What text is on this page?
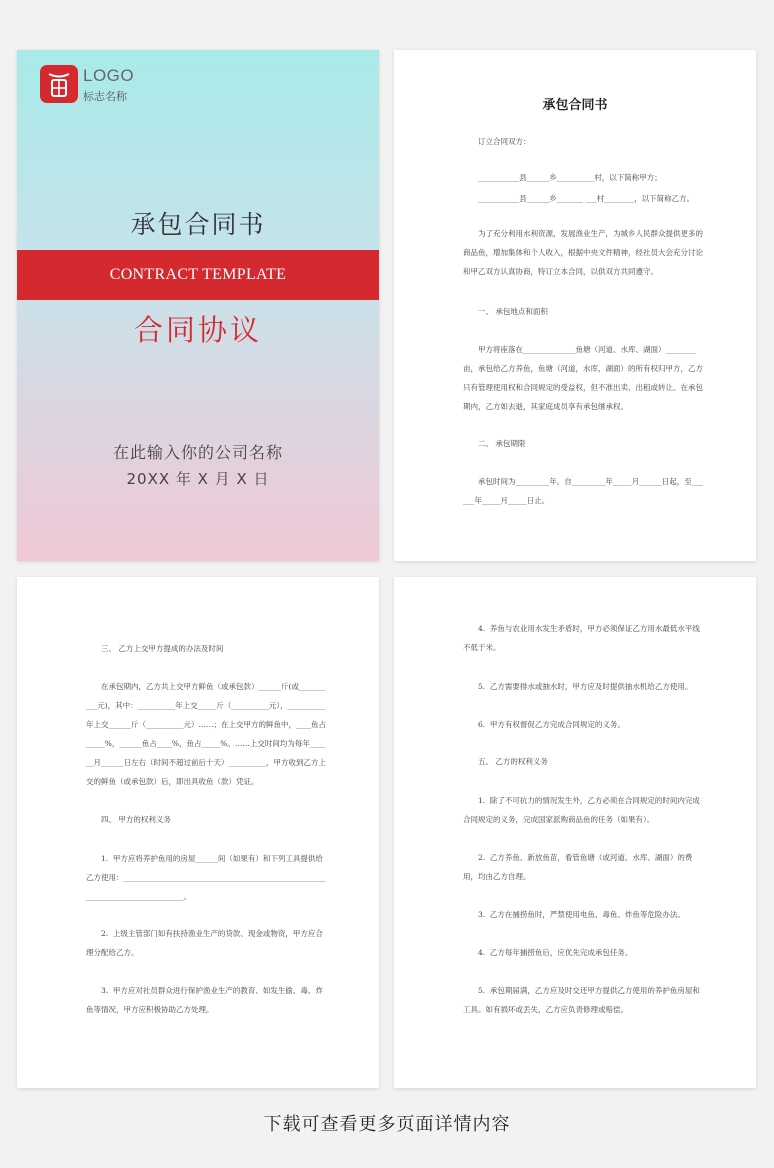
LOGO
标志名称
承包合同书
CONTRACT TEMPLATE
合同协议
在此输入你的公司名称
20XX 年 X 月 X 日
承包合同书
订立合同双方：
___________县______乡__________村，以下简称甲方；
___________县______乡_______ ___村________，以下简称乙方。
为了充分利用水利资源，发展渔业生产，为城乡人民群众提供更多的商品鱼，增加集体和个人收入，根据中央文件精神，经社员大会充分讨论和甲乙双方认真协商，特订立本合同，以供双方共同遵守。
一、 承包地点和面积
甲方将座落在______________鱼塘（河道、水库、湖面）________亩，承包给乙方养鱼，鱼塘（河道，水库，湖面）的所有权归甲方，乙方只有管理使用权和合同规定的受益权，但不准出卖、出租或转让。在承包期内，乙方如去逝，其家庭成员享有承包继承权。
二、 承包期限
承包时间为_________年，自_________年_____月______日起，至______年_____月_____日止。
三、 乙方上交甲方提成的办法及时间
在承包期内，乙方共上交甲方鲜鱼（或承包款）______斤(或__________元)，其中：__________年上交_____斤（__________元），__________年上交______斤（__________元）……；在上交甲方的鲜鱼中，____鱼占_____%，______鱼占____%，鱼占_____%。……上交时间均为每年______月______日左右（时间不超过前后十天）__________，甲方收到乙方上交的鲜鱼（或承包款）后，即出具收鱼（款）凭证。
四、 甲方的权利义务
1.  甲方应将养护鱼用的房屋______间（如果有）和下列工具提供给乙方使用：________________________________________________________________________________。
2.  上级主管部门如有扶持渔业生产的贷款、现金或物资，甲方应合理分配给乙方。
3.  甲方应对社员群众进行保护渔业生产的教育、如发生偷、毒、炸鱼等情况，甲方应积极协助乙方处理。
4.  养鱼与农业用水发生矛盾时，甲方必须保证乙方用水最低水平线不低于米。
5.  乙方需要排水或抽水时，甲方应及时提供抽水机给乙方使用。
6.  甲方有权督促乙方完成合同规定的义务。
五、 乙方的权利义务
1.  除了不可抗力的情况发生外，乙方必须在合同规定的时间内完成合同规定的义务，完成国家派购商品鱼的任务（如果有）。
2.  乙方养鱼、新放鱼苗，看管鱼塘（或河道、水库、湖面）的费用，均由乙方自理。
3.  乙方在捕捞鱼时，严禁使用电鱼、毒鱼、炸鱼等危险办法。
4.  乙方每年捕捞鱼后，应优先完成承包任务。
5.  承包期届满，乙方应及时交还甲方提供乙方使用的养护鱼房屋和工具。如有损坏或丢失，乙方应负责修理或赔偿。
下载可查看更多页面详情内容
